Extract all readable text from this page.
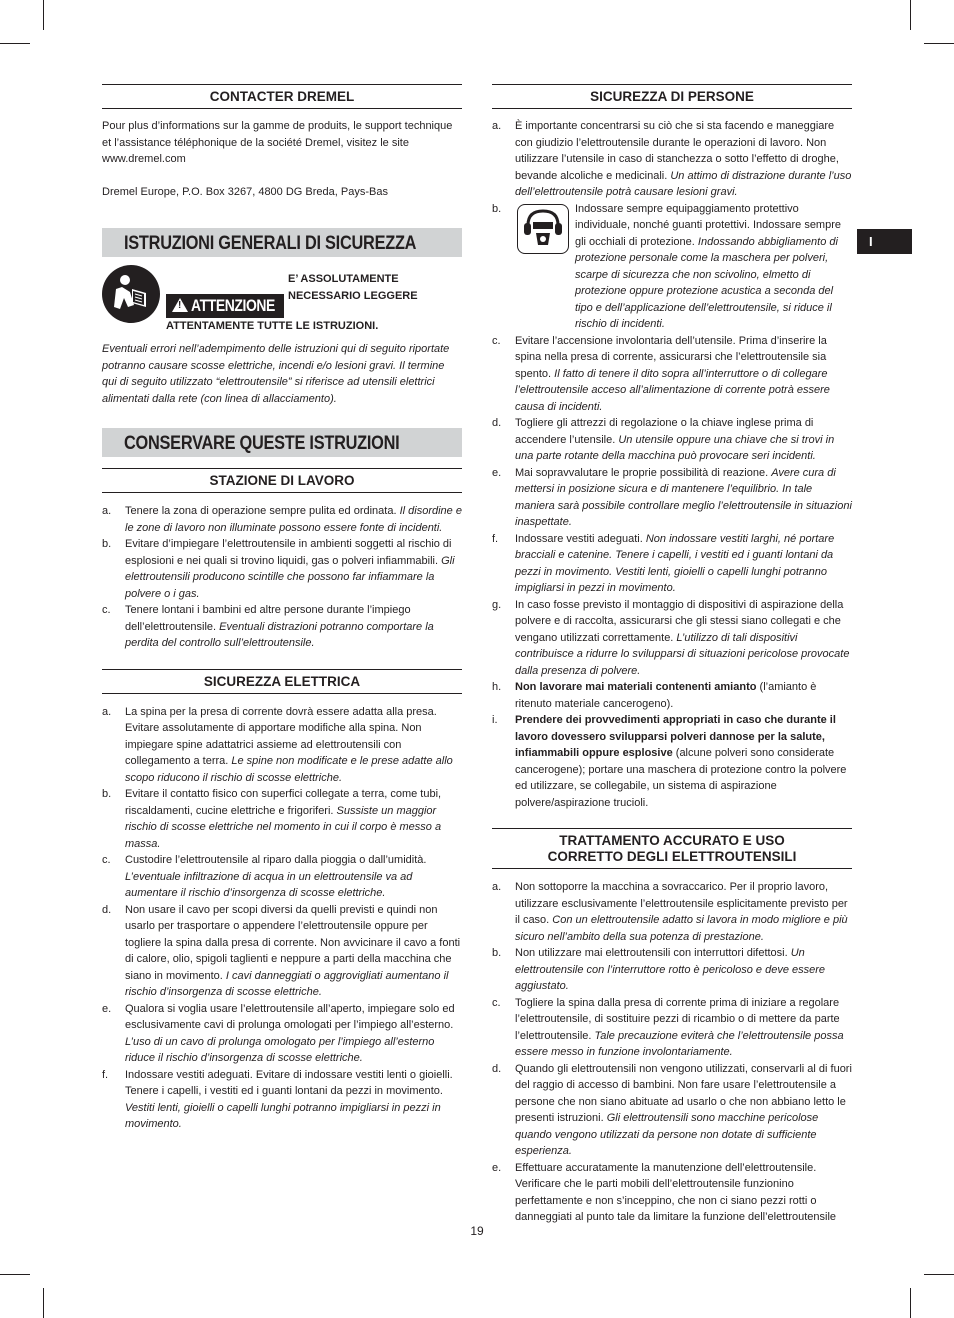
CONTACTER DREMEL

Pour plus d’informations sur la gamme de produits, le support technique et l’assistance téléphonique de la société Dremel, visitez le site www.dremel.com

Dremel Europe, P.O. Box 3267, 4800 DG Breda, Pays-Bas

ISTRUZIONI GENERALI DI SICUREZZA
!ATTENZIONE
E’ ASSOLUTAMENTE NECESSARIO LEGGERE
ATTENTAMENTE TUTTE LE ISTRUZIONI.

Eventuali errori nell’adempimento delle istruzioni qui di seguito riportate potranno causare scosse elettriche, incendi e/o lesioni gravi. Il termine qui di seguito utilizzato “elettroutensile” si riferisce ad utensili elettrici alimentati dalla rete (con linea di allacciamento).

CONSERVARE QUESTE ISTRUZIONI
STAZIONE DI LAVORO
a. Tenere la zona di operazione sempre pulita ed ordinata. Il disordine e le zone di lavoro non illuminate possono essere fonte di incidenti.
b. Evitare d’impiegare l’elettroutensile in ambienti soggetti al rischio di esplosioni e nei quali si trovino liquidi, gas o polveri infiammabili. Gli elettroutensili producono scintille che possono far infiammare la polvere o i gas.
c. Tenere lontani i bambini ed altre persone durante l’impiego dell’elettroutensile. Eventuali distrazioni potranno comportare la perdita del controllo sull’elettroutensile.
SICUREZZA ELETTRICA
a. La spina per la presa di corrente dovrà essere adatta alla presa. Evitare assolutamente di apportare modifiche alla spina. Non impiegare spine adattatrici assieme ad elettroutensili con collegamento a terra. Le spine non modificate e le prese adatte allo scopo riducono il rischio di scosse elettriche.
b. Evitare il contatto fisico con superfici collegate a terra, come tubi, riscaldamenti, cucine elettriche e frigoriferi. Sussiste un maggior rischio di scosse elettriche nel momento in cui il corpo è messo a massa.
c. Custodire l’elettroutensile al riparo dalla pioggia o dall’umidità. L’eventuale infiltrazione di acqua in un elettroutensile va ad aumentare il rischio d’insorgenza di scosse elettriche.
d. Non usare il cavo per scopi diversi da quelli previsti e quindi non usarlo per trasportare o appendere l’elettroutensile oppure per togliere la spina dalla presa di corrente. Non avvicinare il cavo a fonti di calore, olio, spigoli taglienti e neppure a parti della macchina che siano in movimento. I cavi danneggiati o aggrovigliati aumentano il rischio d’insorgenza di scosse elettriche.
e. Qualora si voglia usare l’elettroutensile all’aperto, impiegare solo ed esclusivamente cavi di prolunga omologati per l’impiego all’esterno. L’uso di un cavo di prolunga omologato per l’impiego all’esterno riduce il rischio d’insorgenza di scosse elettriche.
f. Indossare vestiti adeguati. Evitare di indossare vestiti lenti o gioielli. Tenere i capelli, i vestiti ed i guanti lontani da pezzi in movimento. Vestiti lenti, gioielli o capelli lunghi potranno impigliarsi in pezzi in movimento.
SICUREZZA DI PERSONE
a. È importante concentrarsi su ciò che si sta facendo e maneggiare con giudizio l’elettroutensile durante le operazioni di lavoro. Non utilizzare l’utensile in caso di stanchezza o sotto l’effetto di droghe, bevande alcoliche e medicinali. Un attimo di distrazione durante l’uso dell’elettroutensile potrà causare lesioni gravi.
b.	Indossare sempre equipaggiamento protettivo individuale, nonché guanti protettivi. Indossare sempre gli occhiali di protezione. Indossando abbigliamento di protezione personale come la maschera per polveri, scarpe di sicurezza che non scivolino, elmetto di protezione oppure protezione acustica a seconda del tipo e dell’applicazione dell’elettroutensile, si riduce il rischio di incidenti.
c. Evitare l’accensione involontaria dell’utensile. Prima d’inserire la spina nella presa di corrente, assicurarsi che l’elettroutensile sia spento. Il fatto di tenere il dito sopra all’interruttore o di collegare l’elettroutensile acceso all’alimentazione di corrente potrà essere causa di incidenti.
d. Togliere gli attrezzi di regolazione o la chiave inglese prima di accendere l’utensile. Un utensile oppure una chiave che si trovi in una parte rotante della macchina può provocare seri incidenti.
e. Mai sopravvalutare le proprie possibilità di reazione. Avere cura di mettersi in posizione sicura e di mantenere l’equilibrio. In tale maniera sarà possibile controllare meglio l’elettroutensile in situazioni inaspettate.
f. Indossare vestiti adeguati. Non indossare vestiti larghi, né portare bracciali e catenine. Tenere i capelli, i vestiti ed i guanti lontani da pezzi in movimento. Vestiti lenti, gioielli o capelli lunghi potranno impigliarsi in pezzi in movimento.
g. In caso fosse previsto il montaggio di dispositivi di aspirazione della polvere e di raccolta, assicurarsi che gli stessi siano collegati e che vengano utilizzati correttamente. L’utilizzo di tali dispositivi contribuisce a ridurre lo svilupparsi di situazioni pericolose provocate dalla presenza di polvere.
h. Non lavorare mai materiali contenenti amianto (l’amianto è ritenuto materiale cancerogeno).
i. Prendere dei provvedimenti appropriati in caso che durante il lavoro dovessero svilupparsi polveri dannose per la salute, infiammabili oppure esplosive (alcune polveri sono considerate cancerogene); portare una maschera di protezione contro la polvere ed utilizzare, se collegabile, un sistema di aspirazione polvere/aspirazione trucioli.
TRATTAMENTO ACCURATO E USO
CORRETTO DEGLI ELETTROUTENSILI
a. Non sottoporre la macchina a sovraccarico. Per il proprio lavoro, utilizzare esclusivamente l’elettroutensile esplicitamente previsto per il caso. Con un elettroutensile adatto si lavora in modo migliore e più sicuro nell’ambito della sua potenza di prestazione.
b. Non utilizzare mai elettroutensili con interruttori difettosi. Un elettroutensile con l’interruttore rotto è pericoloso e deve essere aggiustato.
c. Togliere la spina dalla presa di corrente prima di iniziare a regolare l’elettroutensile, di sostituire pezzi di ricambio o di mettere da parte l’elettroutensile. Tale precauzione eviterà che l’elettroutensile possa essere messo in funzione involontariamente.
d. Quando gli elettroutensili non vengono utilizzati, conservarli al di fuori del raggio di accesso di bambini. Non fare usare l’elettroutensile a persone che non siano abituate ad usarlo o che non abbiano letto le presenti istruzioni. Gli elettroutensili sono macchine pericolose quando vengono utilizzati da persone non dotate di sufficiente esperienza.
e. Effettuare accuratamente la manutenzione dell’elettroutensile. Verificare che le parti mobili dell’elettroutensile funzionino perfettamente e non s’inceppino, che non ci siano pezzi rotti o danneggiati al punto tale da limitare la funzione dell’elettroutensile
I
19
